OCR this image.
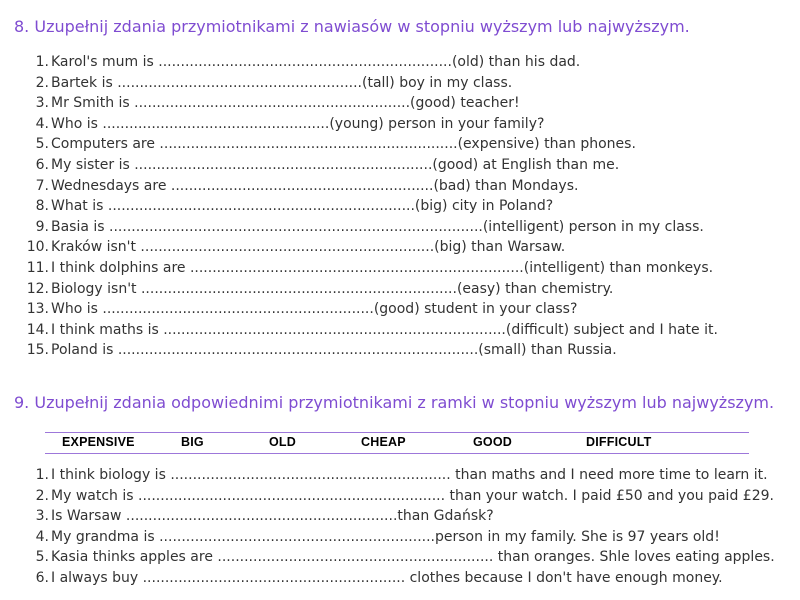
8. Uzupełnij zdania przymiotnikami z nawiasów w stopniu wyższym lub najwyższym.
1. Karol's mum is ..................................................................(old) than his dad.
2. Bartek is .......................................................(tall) boy in my class.
3. Mr Smith is ..............................................................(good) teacher!
4. Who is ...................................................(young) person in your family?
5. Computers are ...................................................................(expensive) than phones.
6. My sister is ...................................................................(good) at English than me.
7. Wednesdays are ...........................................................(bad) than Mondays.
8. What is .....................................................................(big) city in Poland?
9. Basia is ....................................................................................(intelligent) person in my class.
10. Kraków isn't ..................................................................(big) than Warsaw.
11. I think dolphins are ...........................................................................(intelligent) than monkeys.
12. Biology isn't .......................................................................(easy) than chemistry.
13. Who is .............................................................(good) student in your class?
14. I think maths is .............................................................................(difficult) subject and I hate it.
15. Poland is .................................................................................(small) than Russia.
9. Uzupełnij zdania odpowiednimi przymiotnikami z ramki w stopniu wyższym lub najwyższym.
EXPENSIVE	BIG	OLD	CHEAP	GOOD	DIFFICULT
1. I think biology is ............................................................... than maths and I need more time to learn it.
2. My watch is ..................................................................... than your watch. I paid £50 and you paid £29.
3. Is Warsaw .............................................................than Gdańsk?
4. My grandma is ..............................................................person in my family. She is 97 years old!
5. Kasia thinks apples are .............................................................. than oranges. Shle loves eating apples.
6. I always buy ........................................................... clothes because I don't have enough money.
